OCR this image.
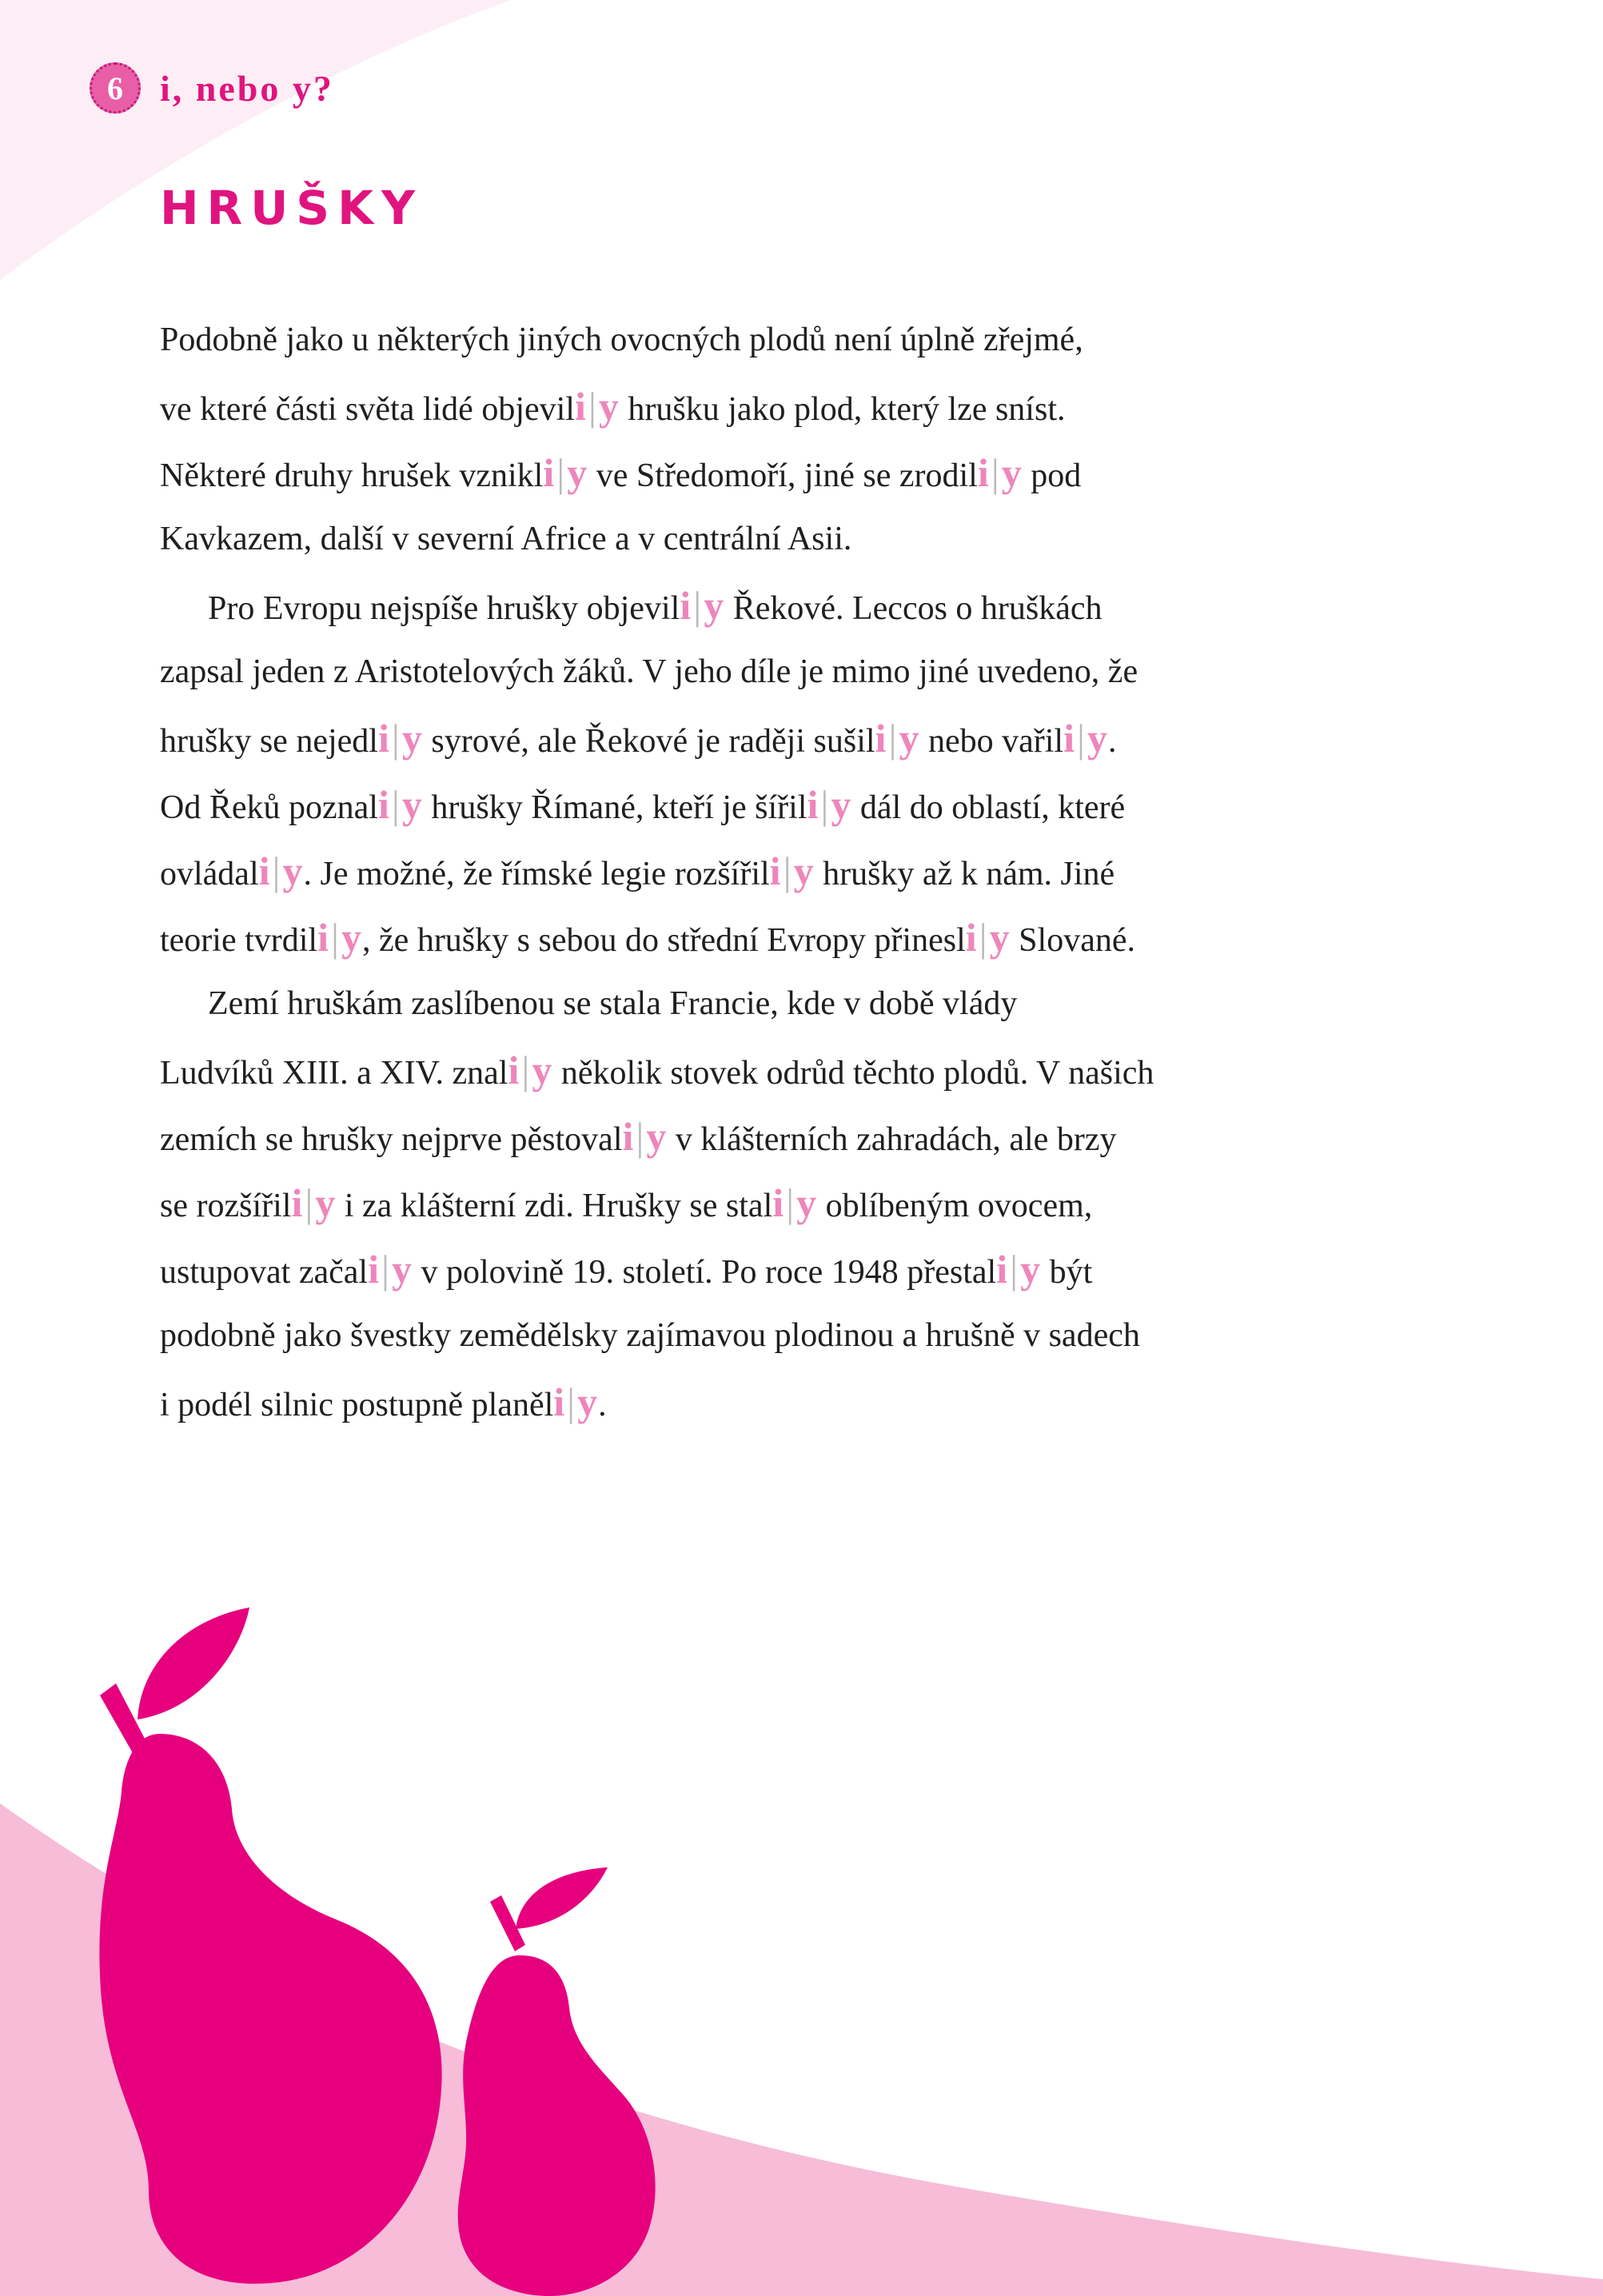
6	i, nebo y?
HRUŠKY
Podobně jako u některých jiných ovocných plodů není úplně zřejmé,
ve které části světa lidé objevili|y hrušku jako plod, který lze sníst.
Některé druhy hrušek vznikli|y ve Středomoří, jiné se zrodili|y pod
Kavkazem, další v severní Africe a v centrální Asii.
Pro Evropu nejspíše hrušky objevili|y Řekové. Leccos o hruškách
zapsal jeden z Aristotelových žáků. V jeho díle je mimo jiné uvedeno, že
hrušky se nejedli|y syrové, ale Řekové je raději sušili|y nebo vařili|y.
Od Řeků poznali|y hrušky Římané, kteří je šířili|y dál do oblastí, které
ovládali|y. Je možné, že římské legie rozšířili|y hrušky až k nám. Jiné
teorie tvrdili|y, že hrušky s sebou do střední Evropy přinesli|y Slované.
Zemí hruškám zaslíbenou se stala Francie, kde v době vlády
Ludvíků XIII. a XIV. znali|y několik stovek odrůd těchto plodů. V našich
zemích se hrušky nejprve pěstovali|y v klášterních zahradách, ale brzy
se rozšířili|y i za klášterní zdi. Hrušky se stali|y oblíbeným ovocem,
ustupovat začali|y v polovině 19. století. Po roce 1948 přestali|y být
podobně jako švestky zemědělsky zajímavou plodinou a hrušně v sadech
i podél silnic postupně planěli|y.
